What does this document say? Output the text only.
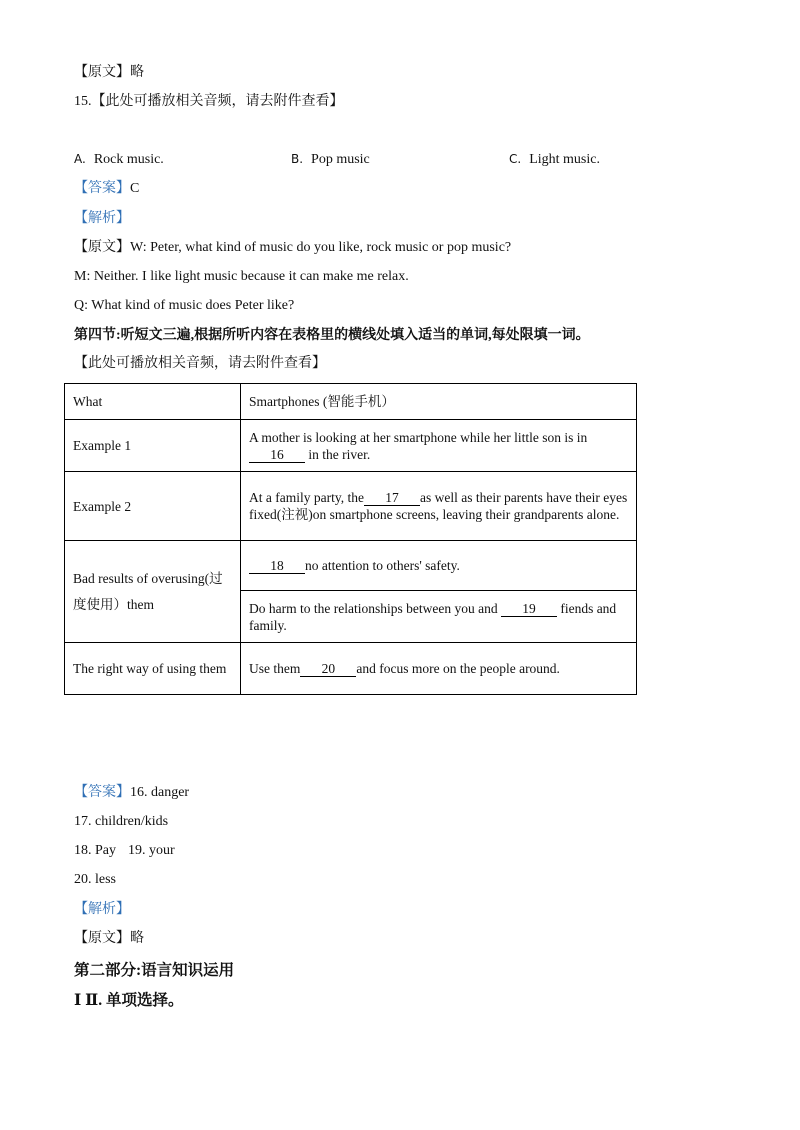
【原文】略
15.【此处可播放相关音频，请去附件查看】
A. Rock music.	B. Pop music	C. Light music.
【答案】C
【解析】
【原文】W: Peter, what kind of music do you like, rock music or pop music?
M: Neither. I like light music because it can make me relax.
Q: What kind of music does Peter like?
第四节:听短文三遍,根据所听内容在表格里的横线处填入适当的单词,每处限填一词。
【此处可播放相关音频，请去附件查看】
What	Smartphones (智能手机）
Example 1	A mother is looking at her smartphone while her little son is in
16 in the river.
Example 2	At a family party, the 17 as well as their parents have their eyes fixed(注视)on smartphone screens, leaving their grandparents alone.
Bad results of overusing(过度使用）them	18 no attention to others' safety.
	Do harm to the relationships between you and 19 fiends and family.
The right way of using them	Use them 20 and focus more on the people around.
【答案】16. danger
17. children/kids
18. Pay 19. your
20. less
【解析】
【原文】略
第二部分:语言知识运用
Ⅰ Ⅱ. 单项选择。
